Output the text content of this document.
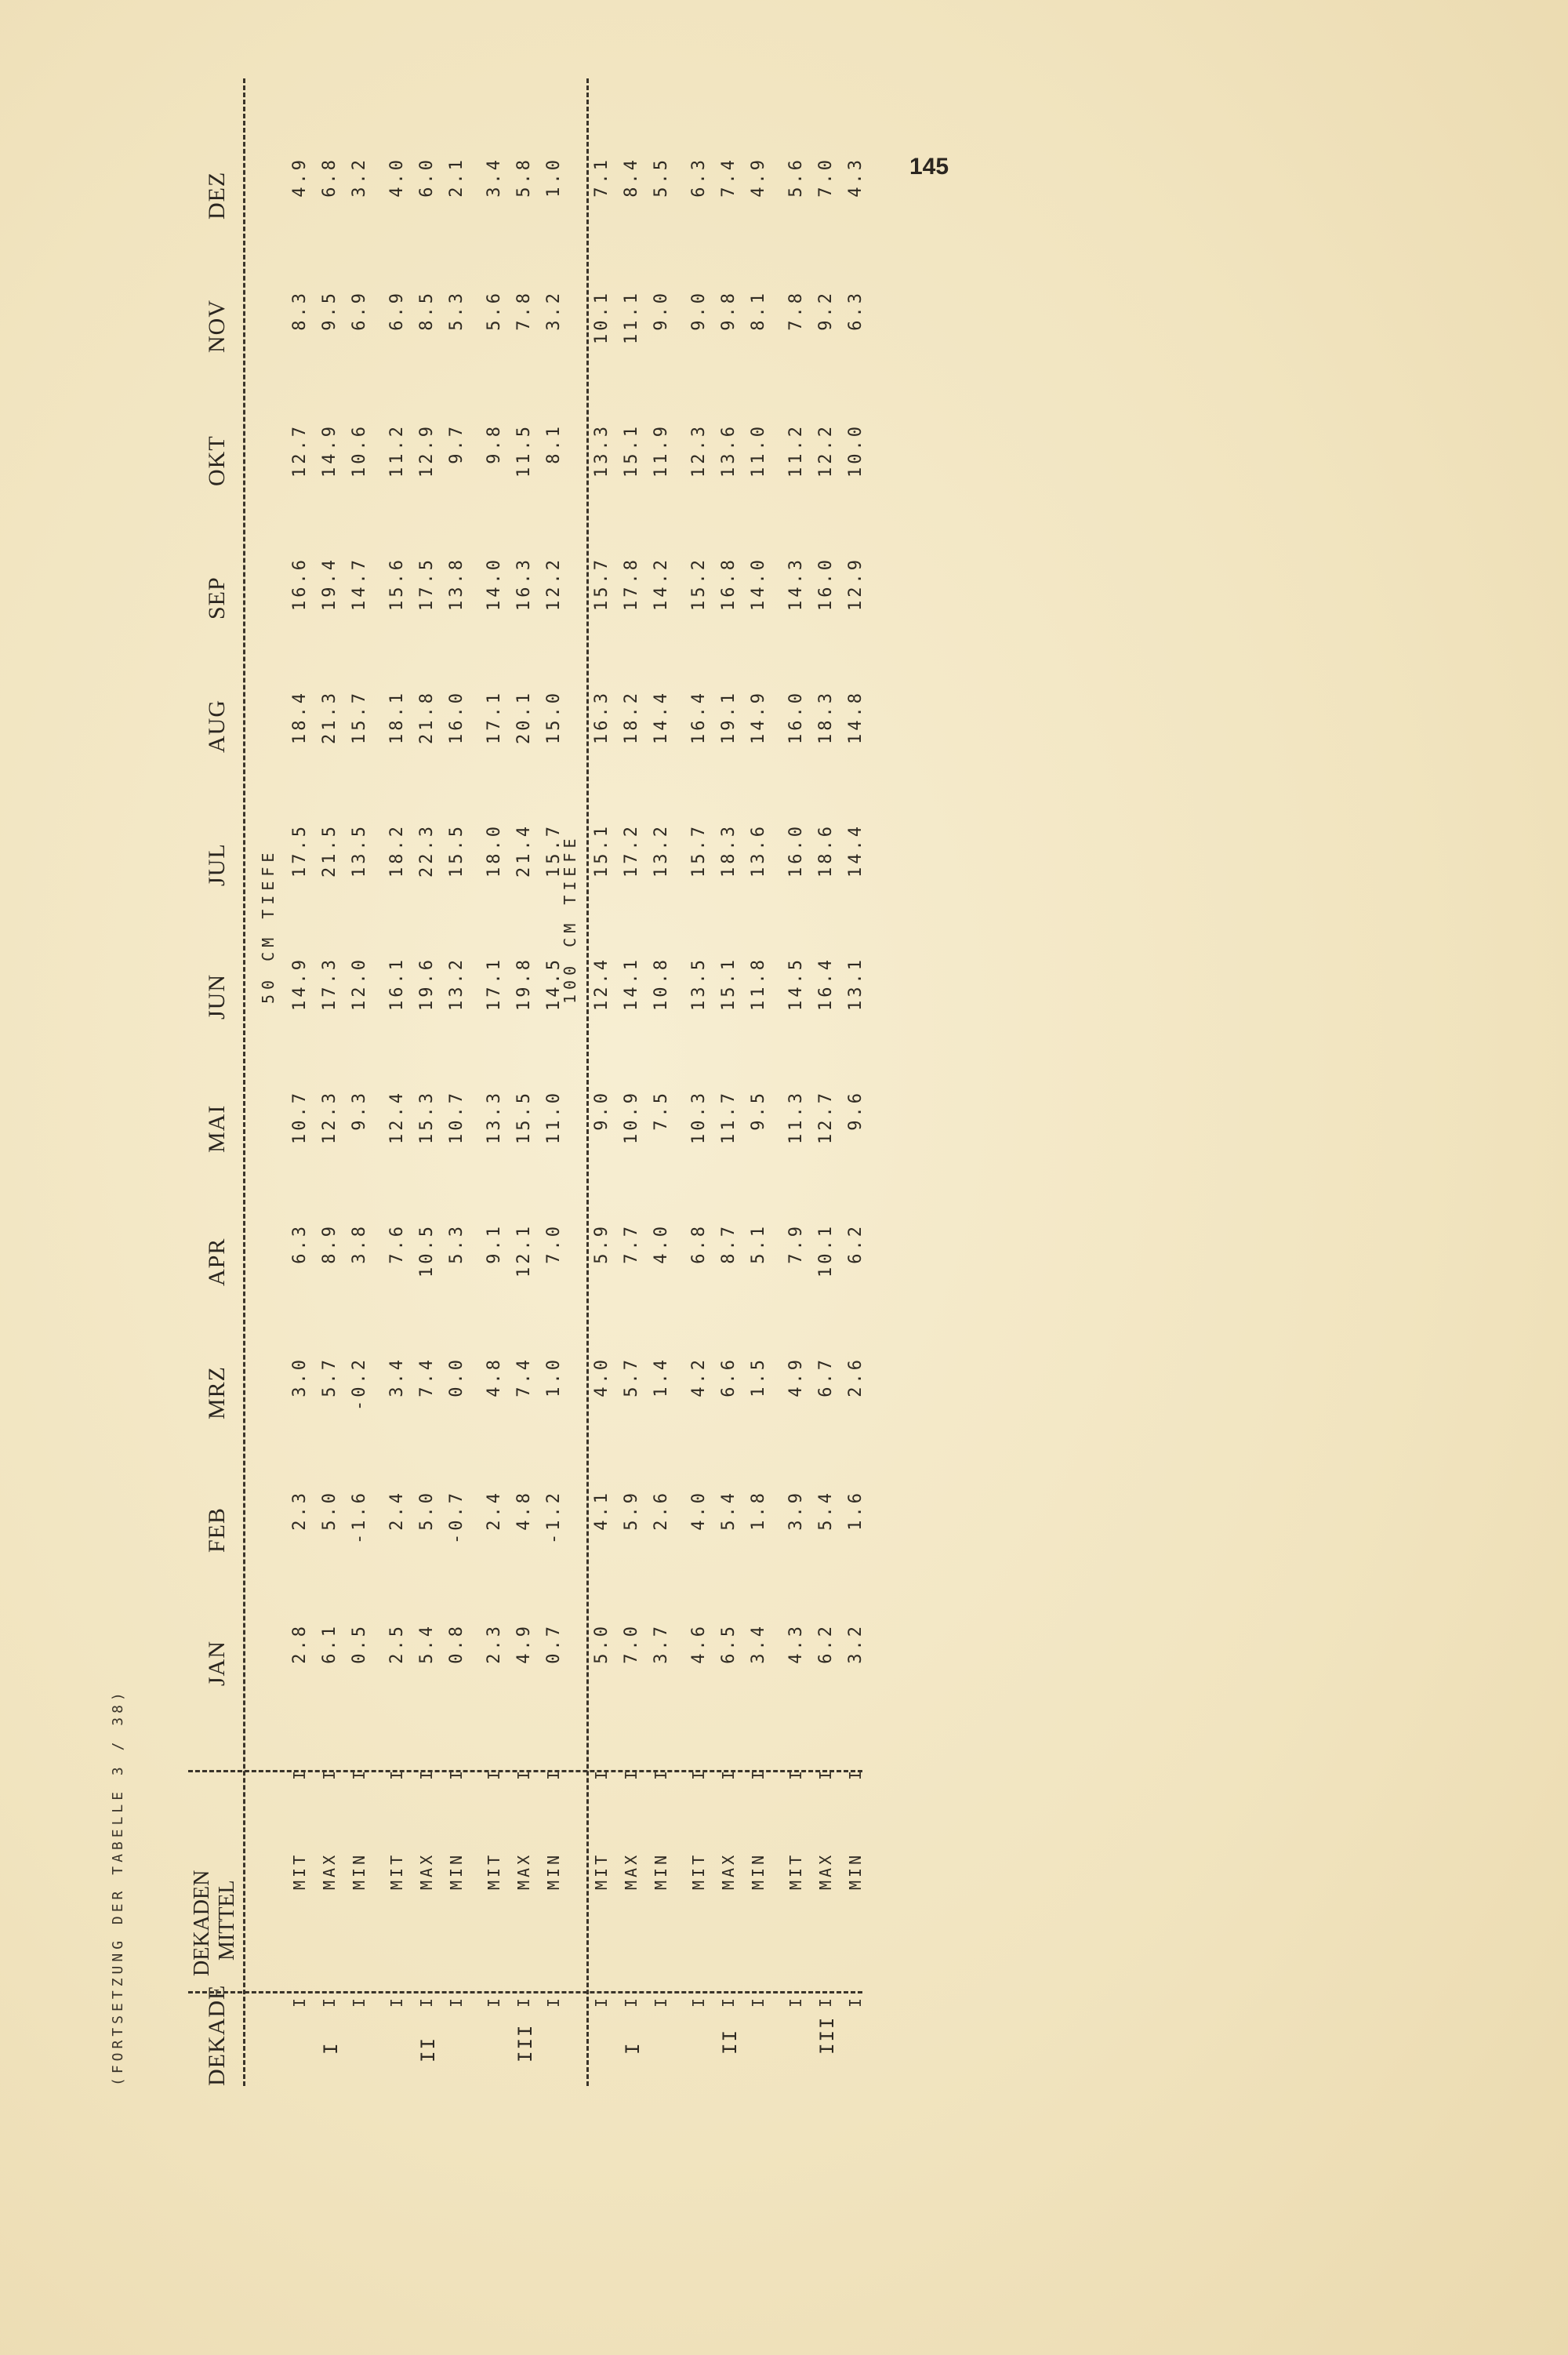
145
(FORTSETZUNG DER TABELLE 3 / 38)	DEKADE
DEKADEN MITTEL
JAN
FEB
MRZ
APR
MAI
JUN
JUL
AUG
SEP
OKT
NOV
DEZ
50 CM TIEFE
I
MIT
I
2.8
2.3
3.0
6.3
10.7
14.9
17.5
18.4
16.6
12.7
8.3
4.9
I
I
MAX
I
6.1
5.0
5.7
8.9
12.3
17.3
21.5
21.3
19.4
14.9
9.5
6.8
I
MIN
I
0.5
-1.6
-0.2
3.8
9.3
12.0
13.5
15.7
14.7
10.6
6.9
3.2
I
MIT
I
2.5
2.4
3.4
7.6
12.4
16.1
18.2
18.1
15.6
11.2
6.9
4.0
I
II
MAX
I
5.4
5.0
7.4
10.5
15.3
19.6
22.3
21.8
17.5
12.9
8.5
6.0
I
MIN
I
0.8
-0.7
0.0
5.3
10.7
13.2
15.5
16.0
13.8
9.7
5.3
2.1
I
MIT
I
2.3
2.4
4.8
9.1
13.3
17.1
18.0
17.1
14.0
9.8
5.6
3.4
I
III
MAX
I
4.9
4.8
7.4
12.1
15.5
19.8
21.4
20.1
16.3
11.5
7.8
5.8
I
MIN
I
0.7
-1.2
1.0
7.0
11.0
14.5
15.7
15.0
12.2
8.1
3.2
1.0
100 CM TIEFE
I
MIT
I
5.0
4.1
4.0
5.9
9.0
12.4
15.1
16.3
15.7
13.3
10.1
7.1
I
I
MAX
I
7.0
5.9
5.7
7.7
10.9
14.1
17.2
18.2
17.8
15.1
11.1
8.4
I
MIN
I
3.7
2.6
1.4
4.0
7.5
10.8
13.2
14.4
14.2
11.9
9.0
5.5
I
MIT
I
4.6
4.0
4.2
6.8
10.3
13.5
15.7
16.4
15.2
12.3
9.0
6.3
I
II
MAX
I
6.5
5.4
6.6
8.7
11.7
15.1
18.3
19.1
16.8
13.6
9.8
7.4
I
MIN
I
3.4
1.8
1.5
5.1
9.5
11.8
13.6
14.9
14.0
11.0
8.1
4.9
I
MIT
I
4.3
3.9
4.9
7.9
11.3
14.5
16.0
16.0
14.3
11.2
7.8
5.6
I
III
MAX
I
6.2
5.4
6.7
10.1
12.7
16.4
18.6
18.3
16.0
12.2
9.2
7.0
I
MIN
I
3.2
1.6
2.6
6.2
9.6
13.1
14.4
14.8
12.9
10.0
6.3
4.3
